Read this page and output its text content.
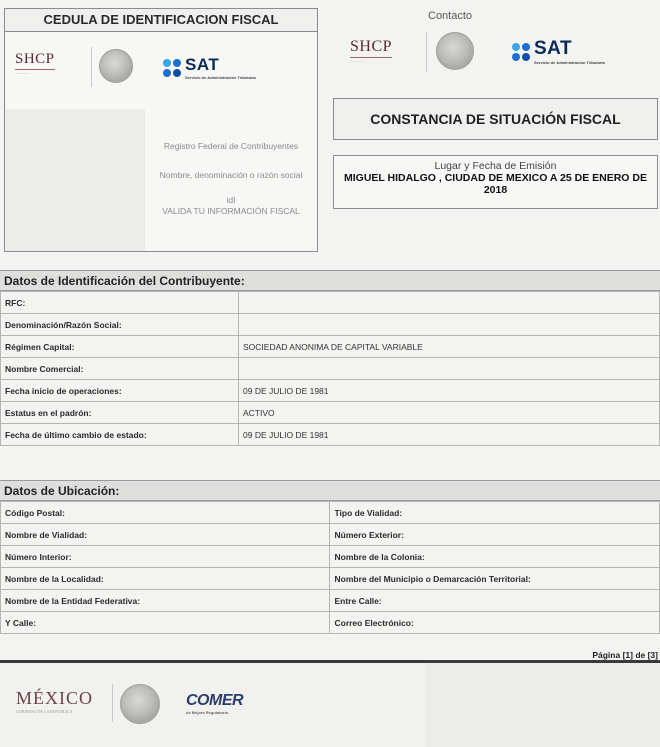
CEDULA DE IDENTIFICACION FISCAL
SHCP
—————	SAT
Servicio de Administración Tributaria
Registro Federal de Contribuyentes
Nombre, denominación o razón social
idI
VALIDA TU INFORMACIÓN FISCAL
SHCP
—————
SAT
Servicio de Administración Tributaria
CONSTANCIA DE SITUACIÓN FISCAL
Lugar y Fecha de Emisión
MIGUEL HIDALGO , CIUDAD DE MEXICO A 25 DE ENERO DE 2018
Datos de Identificación del Contribuyente:
RFC:	
Denominación/Razón Social:	
Régimen Capital:	SOCIEDAD ANONIMA DE CAPITAL VARIABLE
Nombre Comercial:	
Fecha inicio de operaciones:	09 DE JULIO DE 1981
Estatus en el padrón:	ACTIVO
Fecha de último cambio de estado:	09 DE JULIO DE 1981
Datos de Ubicación:
Código Postal:	Tipo de Vialidad:
Nombre de Vialidad:	Número Exterior:
Número Interior:	Nombre de la Colonia:
Nombre de la Localidad:	Nombre del Municipio o Demarcación Territorial:
Nombre de la Entidad Federativa:	Entre Calle:
Y Calle:	Correo Electrónico:
Página [1] de [3]
Contacto
MÉXICO
GOBIERNO DE LA REPÚBLICA
COMER
de Mejora Regulatoria
